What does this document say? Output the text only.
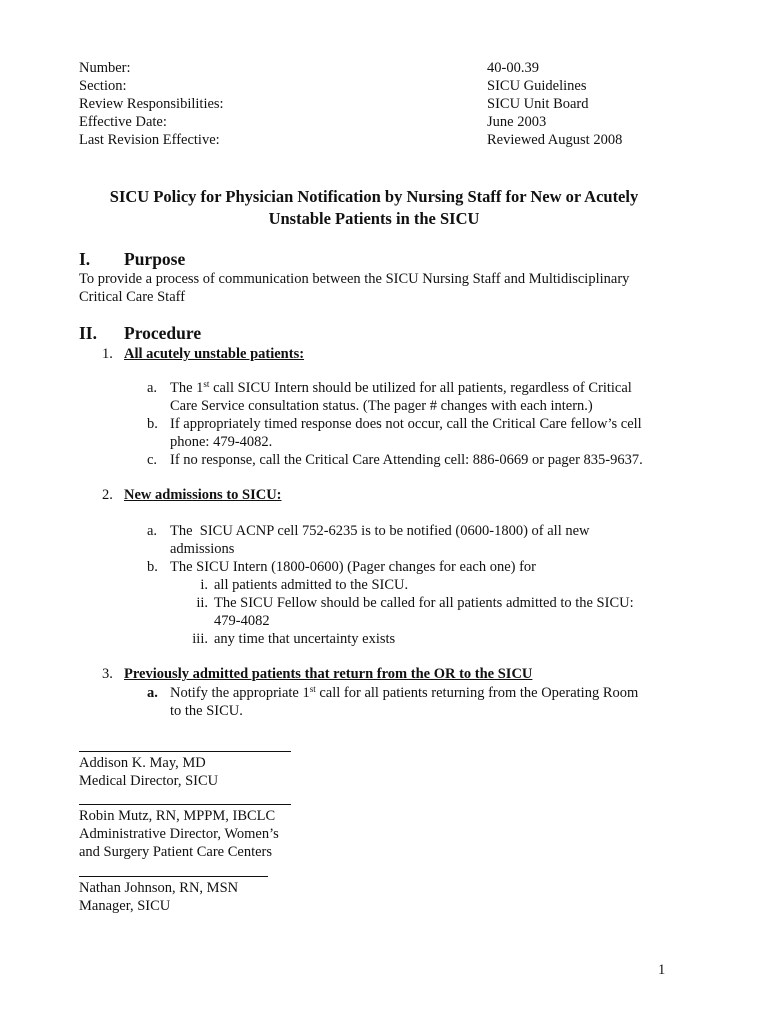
Number:
Section:
Review Responsibilities:
Effective Date:
Last Revision Effective:
40-00.39
SICU Guidelines
SICU Unit Board
June 2003
Reviewed August 2008
SICU Policy for Physician Notification by Nursing Staff for New or Acutely
Unstable Patients in the SICU
I. Purpose
To provide a process of communication between the SICU Nursing Staff and Multidisciplinary
Critical Care Staff
II. Procedure
1. All acutely unstable patients:
a. The 1st call SICU Intern should be utilized for all patients, regardless of Critical
Care Service consultation status. (The pager # changes with each intern.)
b. If appropriately timed response does not occur, call the Critical Care fellow’s cell
phone: 479-4082.
c. If no response, call the Critical Care Attending cell: 886-0669 or pager 835-9637.
2. New admissions to SICU:
a. The  SICU ACNP cell 752-6235 is to be notified (0600-1800) of all new
admissions
b. The SICU Intern (1800-0600) (Pager changes for each one) for
i. all patients admitted to the SICU.
ii. The SICU Fellow should be called for all patients admitted to the SICU:
479-4082
iii. any time that uncertainty exists
3. Previously admitted patients that return from the OR to the SICU
a. Notify the appropriate 1st call for all patients returning from the Operating Room
to the SICU.
Addison K. May, MD
Medical Director, SICU
Robin Mutz, RN, MPPM, IBCLC
Administrative Director, Women’s
and Surgery Patient Care Centers
Nathan Johnson, RN, MSN
Manager, SICU
1
